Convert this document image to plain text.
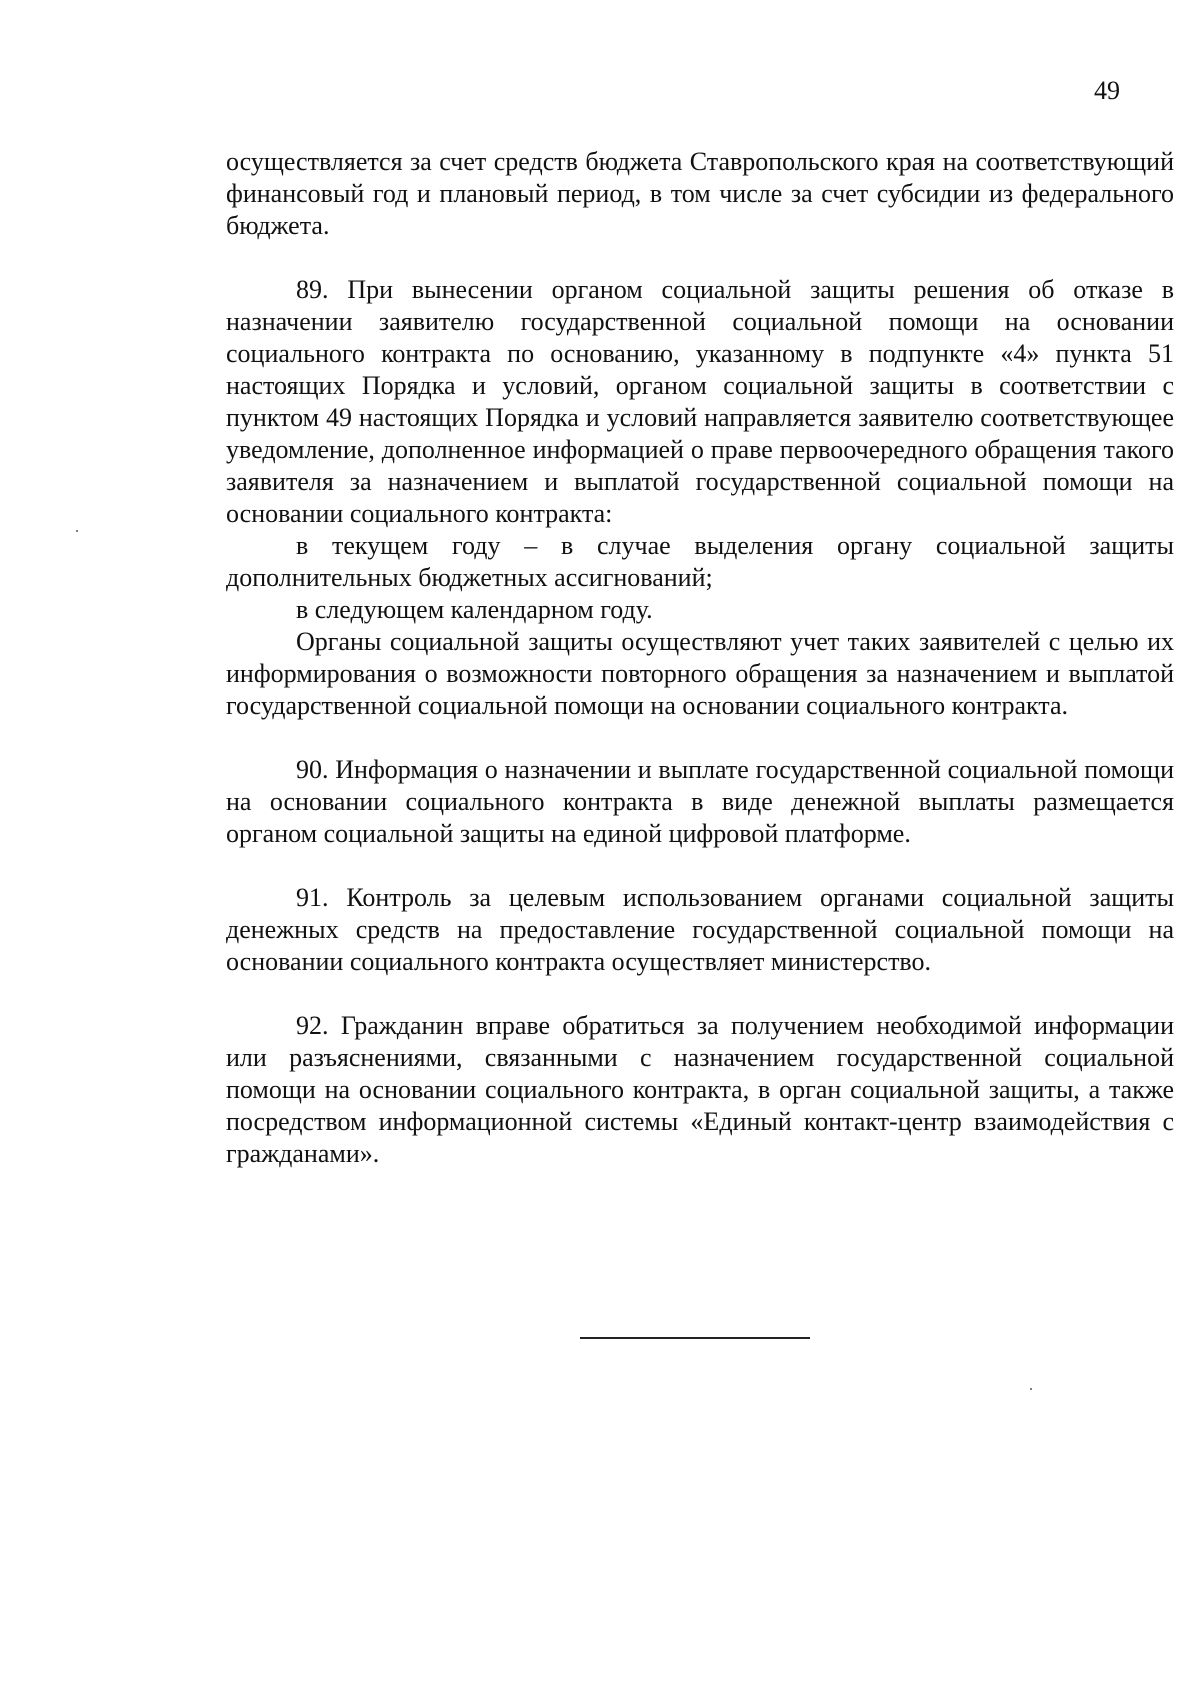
49

осуществляется за счет средств бюджета Ставропольского края на соответствующий финансовый год и плановый период, в том числе за счет субсидии из федерального бюджета.

89. При вынесении органом социальной защиты решения об отказе в назначении заявителю государственной социальной помощи на основании социального контракта по основанию, указанному в подпункте «4» пункта 51 настоящих Порядка и условий, органом социальной защиты в соответствии с пунктом 49 настоящих Порядка и условий направляется заявителю соответствующее уведомление, дополненное информацией о праве первоочередного обращения такого заявителя за назначением и выплатой государственной социальной помощи на основании социального контракта:

в текущем году – в случае выделения органу социальной защиты дополнительных бюджетных ассигнований;

в следующем календарном году.

Органы социальной защиты осуществляют учет таких заявителей с целью их информирования о возможности повторного обращения за назначением и выплатой государственной социальной помощи на основании социального контракта.

90. Информация о назначении и выплате государственной социальной помощи на основании социального контракта в виде денежной выплаты размещается органом социальной защиты на единой цифровой платформе.

91. Контроль за целевым использованием органами социальной защиты денежных средств на предоставление государственной социальной помощи на основании социального контракта осуществляет министерство.

92. Гражданин вправе обратиться за получением необходимой информации или разъяснениями, связанными с назначением государственной социальной помощи на основании социального контракта, в орган социальной защиты, а также посредством информационной системы «Единый контакт-центр взаимодействия с гражданами».
